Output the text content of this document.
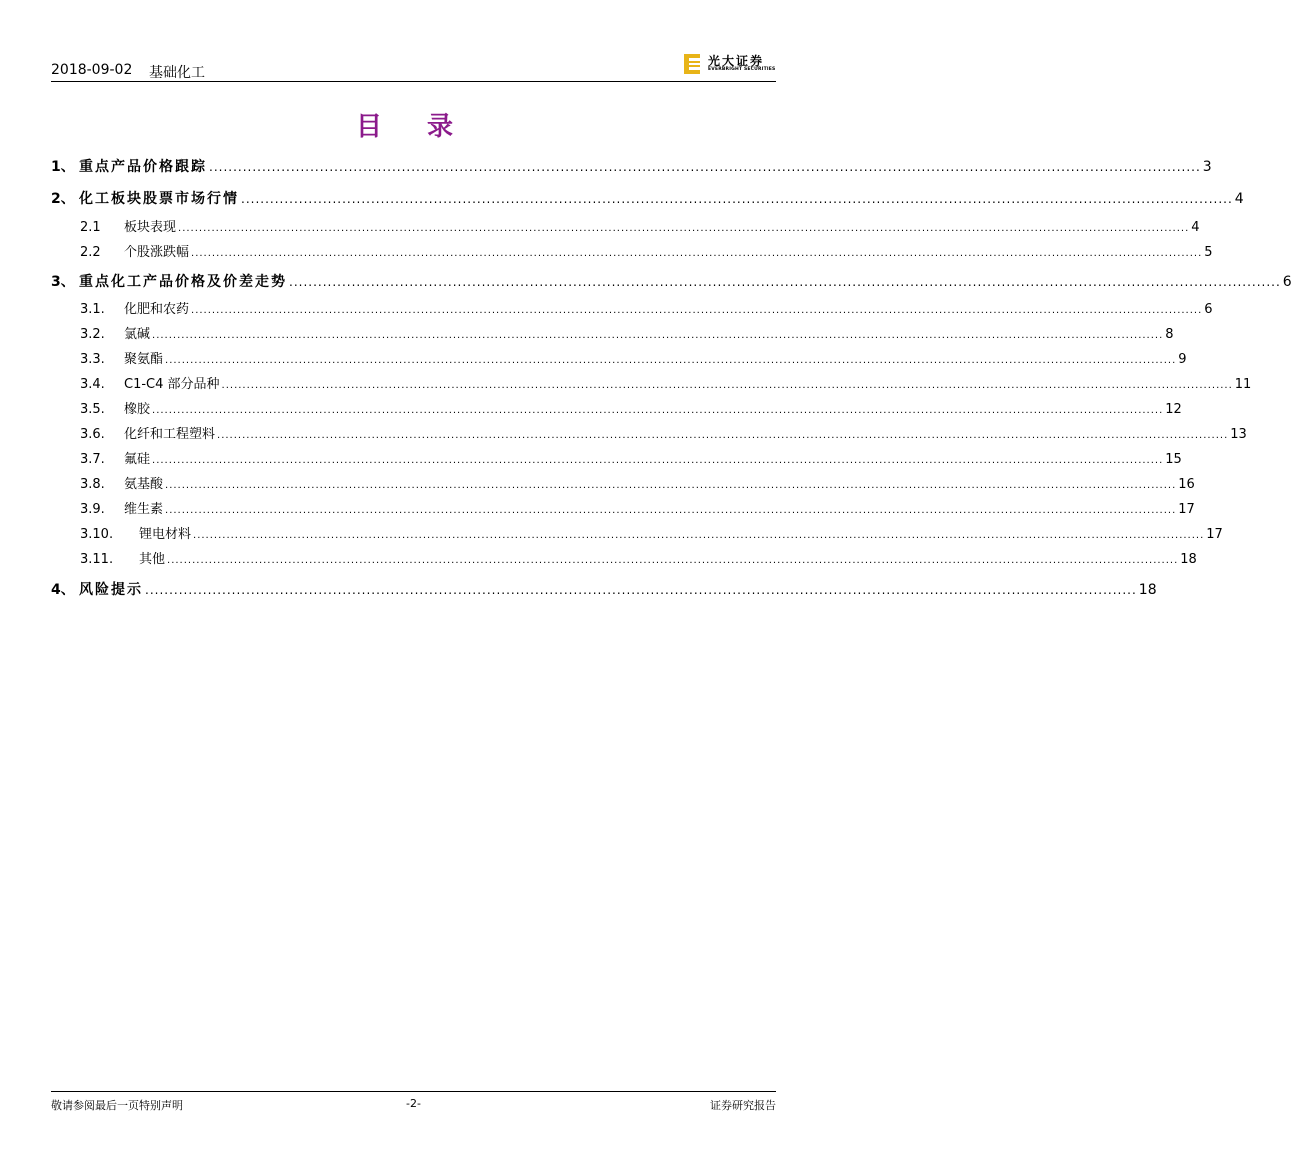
2018-09-02 基础化工
光大证券
EVERBRIGHT SECURITIES
目 录
1、 重点产品价格跟踪 .............................................................................................................................................................................................................. 3
2、 化工板块股票市场行情 .............................................................................................................................................................................................................. 4
2.1	板块表现 .................................................................................................................................................................................................................................................. 4
2.2	个股涨跌幅 .................................................................................................................................................................................................................................................. 5
3、 重点化工产品价格及价差走势 .............................................................................................................................................................................................................. 6
3.1.	化肥和农药 .................................................................................................................................................................................................................................................. 6
3.2.	氯碱 .................................................................................................................................................................................................................................................. 8
3.3.	聚氨酯 .................................................................................................................................................................................................................................................. 9
3.4.	C1-C4 部分品种 .................................................................................................................................................................................................................................................. 11
3.5.	橡胶 .................................................................................................................................................................................................................................................. 12
3.6.	化纤和工程塑料 .................................................................................................................................................................................................................................................. 13
3.7.	氟硅 .................................................................................................................................................................................................................................................. 15
3.8.	氨基酸 .................................................................................................................................................................................................................................................. 16
3.9.	维生素 .................................................................................................................................................................................................................................................. 17
3.10.	锂电材料 .................................................................................................................................................................................................................................................. 17
3.11.	其他 .................................................................................................................................................................................................................................................. 18
4、 风险提示 .............................................................................................................................................................................................................. 18
敬请参阅最后一页特别声明	-2-	证券研究报告
